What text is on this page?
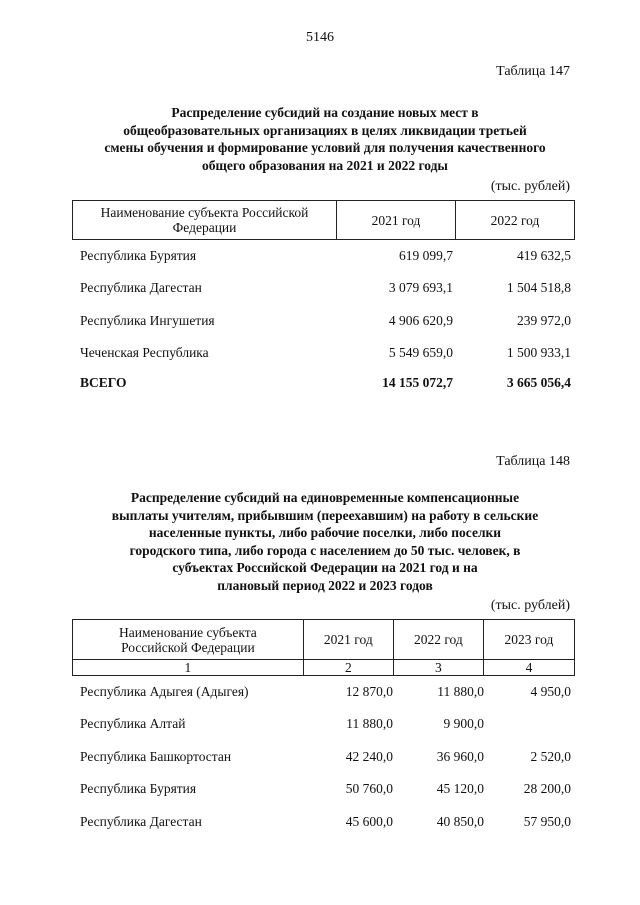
5146
Таблица 147
Распределение субсидий на создание новых мест в
общеобразовательных организациях в целях ликвидации третьей
смены обучения и формирование условий для получения качественного
общего образования на 2021 и 2022 годы
(тыс. рублей)
Наименование субъекта Российской
Федерации	2021 год	2022 год
Республика Бурятия	619 099,7	419 632,5
Республика Дагестан	3 079 693,1	1 504 518,8
Республика Ингушетия	4 906 620,9	239 972,0
Чеченская Республика	5 549 659,0	1 500 933,1
ВСЕГО	14 155 072,7	3 665 056,4
Таблица 148
Распределение субсидий на единовременные компенсационные
выплаты учителям, прибывшим (переехавшим) на работу в сельские
населенные пункты, либо рабочие поселки, либо поселки
городского типа, либо города с населением до 50 тыс. человек, в
субъектах Российской Федерации на 2021 год и на
плановый период 2022 и 2023 годов
(тыс. рублей)
Наименование субъекта
Российской Федерации	2021 год	2022 год	2023 год
1	2	3	4
Республика Адыгея (Адыгея)	12 870,0	11 880,0	4 950,0
Республика Алтай	11 880,0	9 900,0
Республика Башкортостан	42 240,0	36 960,0	2 520,0
Республика Бурятия	50 760,0	45 120,0	28 200,0
Республика Дагестан	45 600,0	40 850,0	57 950,0
